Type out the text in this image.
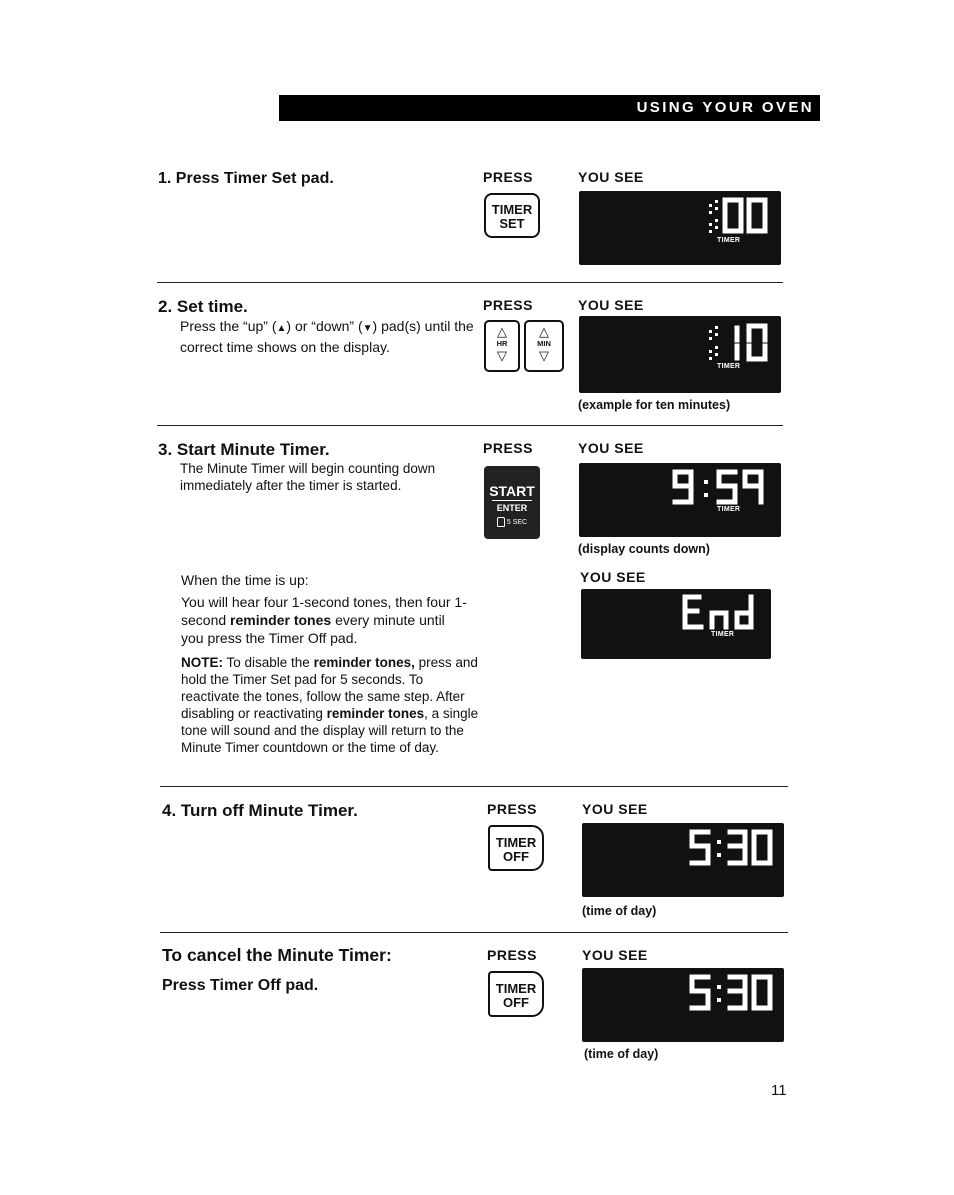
USING YOUR OVEN
1. Press Timer Set pad.	PRESS	YOU SEE
TIMER
SET
TIMER
2. Set time.
Press the “up” (▲) or “down” (▼) pad(s) until the correct time shows on the display.
PRESS	YOU SEE
△
HR
▽
△
MIN
▽
TIMER
(example for ten minutes)
3. Start Minute Timer.
The Minute Timer will begin counting down immediately after the timer is started.
PRESS	YOU SEE
START
ENTER
5 SEC
TIMER
(display counts down)
When the time is up:
You will hear four 1-second tones, then four 1-second reminder tones every minute until you press the Timer Off pad.
NOTE: To disable the reminder tones, press and hold the Timer Set pad for 5 seconds. To reactivate the tones, follow the same step. After disabling or reactivating reminder tones, a single tone will sound and the display will return to the Minute Timer countdown or the time of day.
YOU SEE
TIMER
4. Turn off Minute Timer.	PRESS	YOU SEE
TIMER
OFF
(time of day)
To cancel the Minute Timer:
Press Timer Off pad.
PRESS	YOU SEE
TIMER
OFF
(time of day)
11
